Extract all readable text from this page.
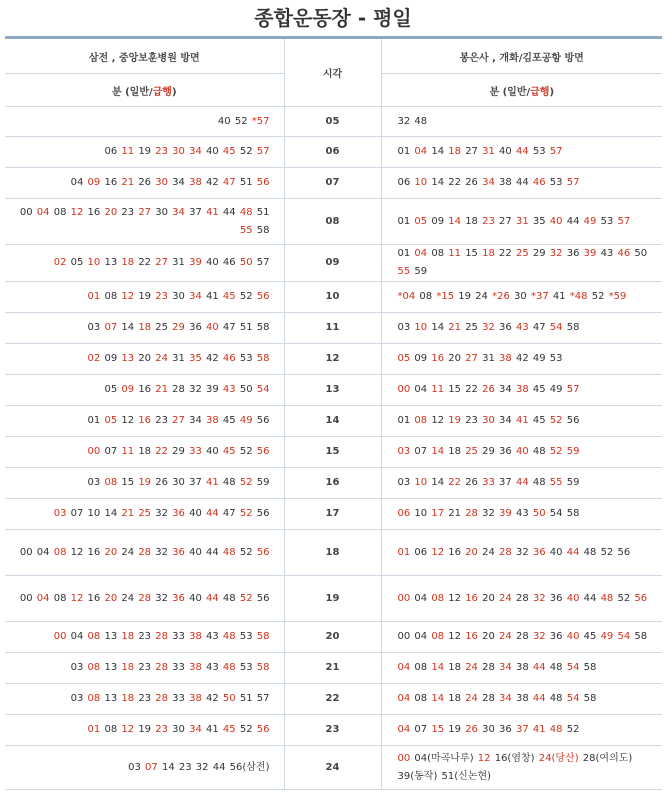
종합운동장 - 평일
삼전 , 중앙보훈병원 방면	시각	봉은사 , 개화/김포공항 방면
분 (일반/급행)		분 (일반/급행)
40 52 *57	05	32 48
06 11 19 23 30 34 40 45 52 57	06	01 04 14 18 27 31 40 44 53 57
04 09 16 21 26 30 34 38 42 47 51 56	07	06 10 14 22 26 34 38 44 46 53 57
00 04 08 12 16 20 23 27 30 34 37 41 44 48 51 55 58	08	01 05 09 14 18 23 27 31 35 40 44 49 53 57
02 05 10 13 18 22 27 31 39 40 46 50 57	09	01 04 08 11 15 18 22 25 29 32 36 39 43 46 50 55 59
01 08 12 19 23 30 34 41 45 52 56	10	*04 08 *15 19 24 *26 30 *37 41 *48 52 *59
03 07 14 18 25 29 36 40 47 51 58	11	03 10 14 21 25 32 36 43 47 54 58
02 09 13 20 24 31 35 42 46 53 58	12	05 09 16 20 27 31 38 42 49 53
05 09 16 21 28 32 39 43 50 54	13	00 04 11 15 22 26 34 38 45 49 57
01 05 12 16 23 27 34 38 45 49 56	14	01 08 12 19 23 30 34 41 45 52 56
00 07 11 18 22 29 33 40 45 52 56	15	03 07 14 18 25 29 36 40 48 52 59
03 08 15 19 26 30 37 41 48 52 59	16	03 10 14 22 26 33 37 44 48 55 59
03 07 10 14 21 25 32 36 40 44 47 52 56	17	06 10 17 21 28 32 39 43 50 54 58
00 04 08 12 16 20 24 28 32 36 40 44 48 52 56	18	01 06 12 16 20 24 28 32 36 40 44 48 52 56
00 04 08 12 16 20 24 28 32 36 40 44 48 52 56	19	00 04 08 12 16 20 24 28 32 36 40 44 48 52 56
00 04 08 13 18 23 28 33 38 43 48 53 58	20	00 04 08 12 16 20 24 28 32 36 40 45 49 54 58
03 08 13 18 23 28 33 38 43 48 53 58	21	04 08 14 18 24 28 34 38 44 48 54 58
03 08 13 18 23 28 33 38 42 50 51 57	22	04 08 14 18 24 28 34 38 44 48 54 58
01 08 12 19 23 30 34 41 45 52 56	23	04 07 15 19 26 30 36 37 41 48 52
03 07 14 23 32 44 56(삼전)	24	00 04(마곡나루) 12 16(염창) 24(당산) 28(여의도) 39(동작) 51(신논현)
